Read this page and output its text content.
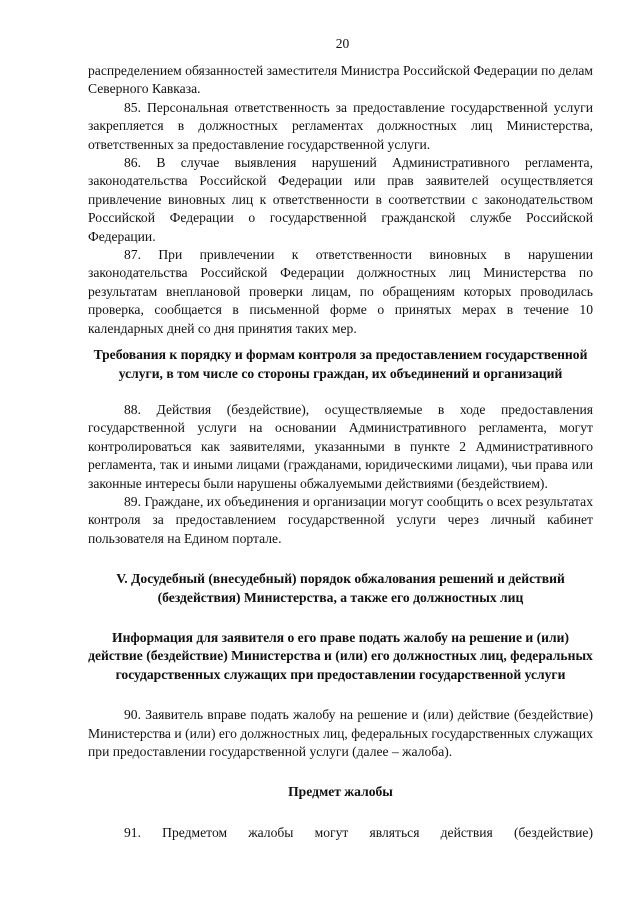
20

распределением обязанностей заместителя Министра Российской Федерации по делам Северного Кавказа.

85. Персональная ответственность за предоставление государственной услуги закрепляется в должностных регламентах должностных лиц Министерства, ответственных за предоставление государственной услуги.

86. В случае выявления нарушений Административного регламента, законодательства Российской Федерации или прав заявителей осуществляется привлечение виновных лиц к ответственности в соответствии с законодательством Российской Федерации о государственной гражданской службе Российской Федерации.

87. При привлечении к ответственности виновных в нарушении законодательства Российской Федерации должностных лиц Министерства по результатам внеплановой проверки лицам, по обращениям которых проводилась проверка, сообщается в письменной форме о принятых мерах в течение 10 календарных дней со дня принятия таких мер.

Требования к порядку и формам контроля за предоставлением государственной услуги, в том числе со стороны граждан, их объединений и организаций

88. Действия (бездействие), осуществляемые в ходе предоставления государственной услуги на основании Административного регламента, могут контролироваться как заявителями, указанными в пункте 2 Административного регламента, так и иными лицами (гражданами, юридическими лицами), чьи права или законные интересы были нарушены обжалуемыми действиями (бездействием).

89. Граждане, их объединения и организации могут сообщить о всех результатах контроля за предоставлением государственной услуги через личный кабинет пользователя на Едином портале.

V. Досудебный (внесудебный) порядок обжалования решений и действий (бездействия) Министерства, а также его должностных лиц
Информация для заявителя о его праве подать жалобу на решение и (или) действие (бездействие) Министерства и (или) его должностных лиц, федеральных государственных служащих при предоставлении государственной услуги

90. Заявитель вправе подать жалобу на решение и (или) действие (бездействие) Министерства и (или) его должностных лиц, федеральных государственных служащих при предоставлении государственной услуги (далее – жалоба).

Предмет жалобы

91. Предметом жалобы могут являться действия (бездействие)
